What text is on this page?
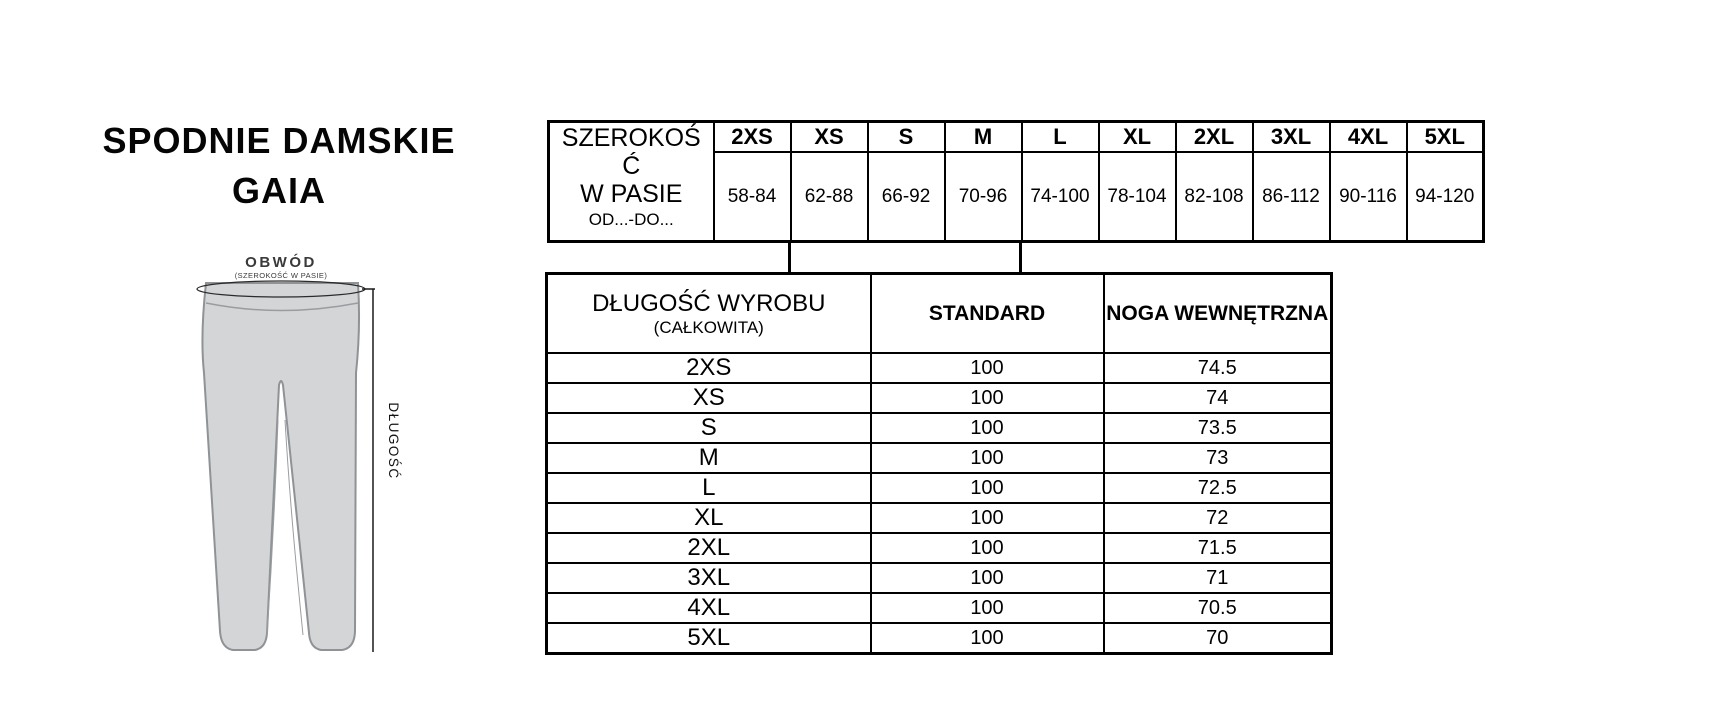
SPODNIE DAMSKIE
GAIA
OBWÓD
(SZEROKOŚĆ W PASIE)
DŁUGOŚĆ
SZEROKOŚĆ
W PASIE
OD...-DO...	2XS	XS	S	M	L	XL	2XL	3XL	4XL	5XL
	58-84	62-88	66-92	70-96	74-100	78-104	82-108	86-112	90-116	94-120
DŁUGOŚĆ WYROBU
(CAŁKOWITA)	STANDARD	NOGA WEWNĘTRZNA
2XS	100	74.5
XS	100	74
S	100	73.5
M	100	73
L	100	72.5
XL	100	72
2XL	100	71.5
3XL	100	71
4XL	100	70.5
5XL	100	70
